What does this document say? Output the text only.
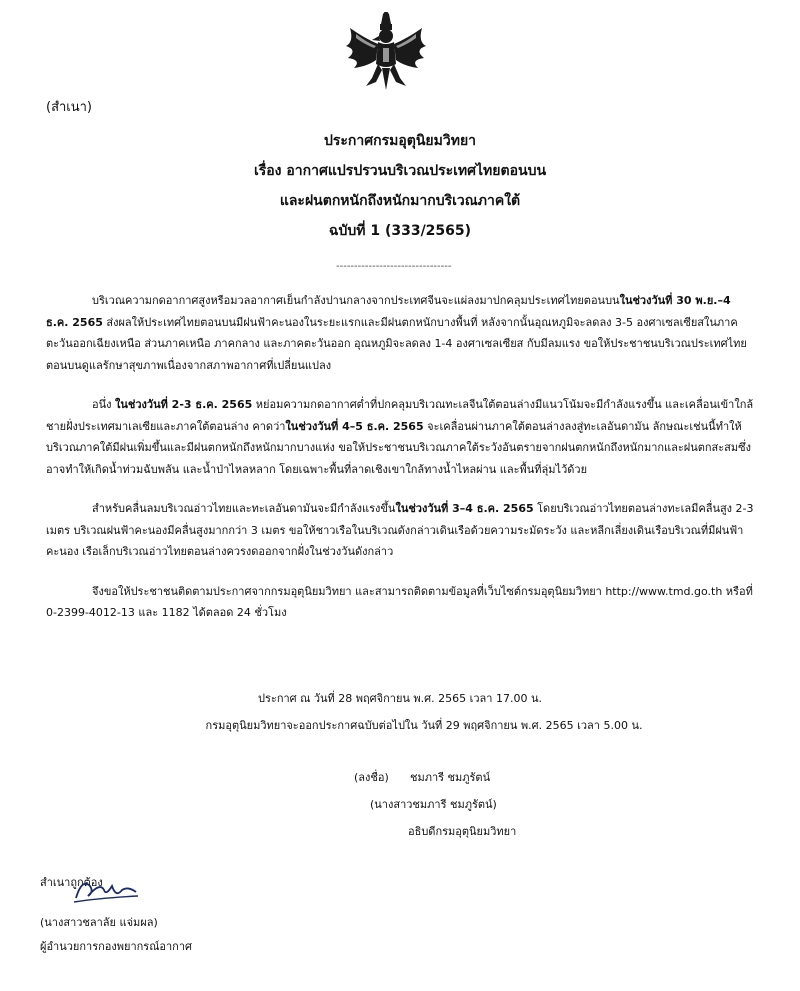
(สำเนา)
ประกาศกรมอุตุนิยมวิทยา
เรื่อง อากาศแปรปรวนบริเวณประเทศไทยตอนบน
และฝนตกหนักถึงหนักมากบริเวณภาคใต้
ฉบับที่ 1 (333/2565)
--------------------------------

บริเวณความกดอากาศสูงหรือมวลอากาศเย็นกำลังปานกลางจากประเทศจีนจะแผ่ลงมาปกคลุมประเทศไทยตอนบนในช่วงวันที่ 30 พ.ย.–4 ธ.ค. 2565 ส่งผลให้ประเทศไทยตอนบนมีฝนฟ้าคะนองในระยะแรกและมีฝนตกหนักบางพื้นที่ หลังจากนั้นอุณหภูมิจะลดลง 3-5 องศาเซลเซียสในภาคตะวันออกเฉียงเหนือ ส่วนภาคเหนือ ภาคกลาง และภาคตะวันออก อุณหภูมิจะลดลง 1-4 องศาเซลเซียส กับมีลมแรง ขอให้ประชาชนบริเวณประเทศไทยตอนบนดูแลรักษาสุขภาพเนื่องจากสภาพอากาศที่เปลี่ยนแปลง

อนึ่ง ในช่วงวันที่ 2-3 ธ.ค. 2565 หย่อมความกดอากาศต่ำที่ปกคลุมบริเวณทะเลจีนใต้ตอนล่างมีแนวโน้มจะมีกำลังแรงขึ้น และเคลื่อนเข้าใกล้ชายฝั่งประเทศมาเลเซียและภาคใต้ตอนล่าง คาดว่าในช่วงวันที่ 4–5 ธ.ค. 2565 จะเคลื่อนผ่านภาคใต้ตอนล่างลงสู่ทะเลอันดามัน ลักษณะเช่นนี้ทำให้บริเวณภาคใต้มีฝนเพิ่มขึ้นและมีฝนตกหนักถึงหนักมากบางแห่ง ขอให้ประชาชนบริเวณภาคใต้ระวังอันตรายจากฝนตกหนักถึงหนักมากและฝนตกสะสมซึ่งอาจทำให้เกิดน้ำท่วมฉับพลัน และน้ำป่าไหลหลาก โดยเฉพาะพื้นที่ลาดเชิงเขาใกล้ทางน้ำไหลผ่าน และพื้นที่ลุ่มไว้ด้วย

สำหรับคลื่นลมบริเวณอ่าวไทยและทะเลอันดามันจะมีกำลังแรงขึ้นในช่วงวันที่ 3–4 ธ.ค. 2565 โดยบริเวณอ่าวไทยตอนล่างทะเลมีคลื่นสูง 2-3 เมตร บริเวณฝนฟ้าคะนองมีคลื่นสูงมากกว่า 3 เมตร ขอให้ชาวเรือในบริเวณดังกล่าวเดินเรือด้วยความระมัดระวัง และหลีกเลี่ยงเดินเรือบริเวณที่มีฝนฟ้าคะนอง เรือเล็กบริเวณอ่าวไทยตอนล่างควรงดออกจากฝั่งในช่วงวันดังกล่าว

จึงขอให้ประชาชนติดตามประกาศจากกรมอุตุนิยมวิทยา และสามารถติดตามข้อมูลที่เว็บไซต์กรมอุตุนิยมวิทยา http://www.tmd.go.th หรือที่ 0-2399-4012-13 และ 1182 ได้ตลอด 24 ชั่วโมง

ประกาศ ณ วันที่ 28 พฤศจิกายน พ.ศ. 2565 เวลา 17.00 น.
กรมอุตุนิยมวิทยาจะออกประกาศฉบับต่อไปใน วันที่ 29 พฤศจิกายน พ.ศ. 2565 เวลา 5.00 น.
(ลงชื่อ) ชมภารี ชมภูรัตน์
(นางสาวชมภารี ชมภูรัตน์)
อธิบดีกรมอุตุนิยมวิทยา
สำเนาถูกต้อง
(นางสาวชลาลัย แจ่มผล)
ผู้อำนวยการกองพยากรณ์อากาศ
